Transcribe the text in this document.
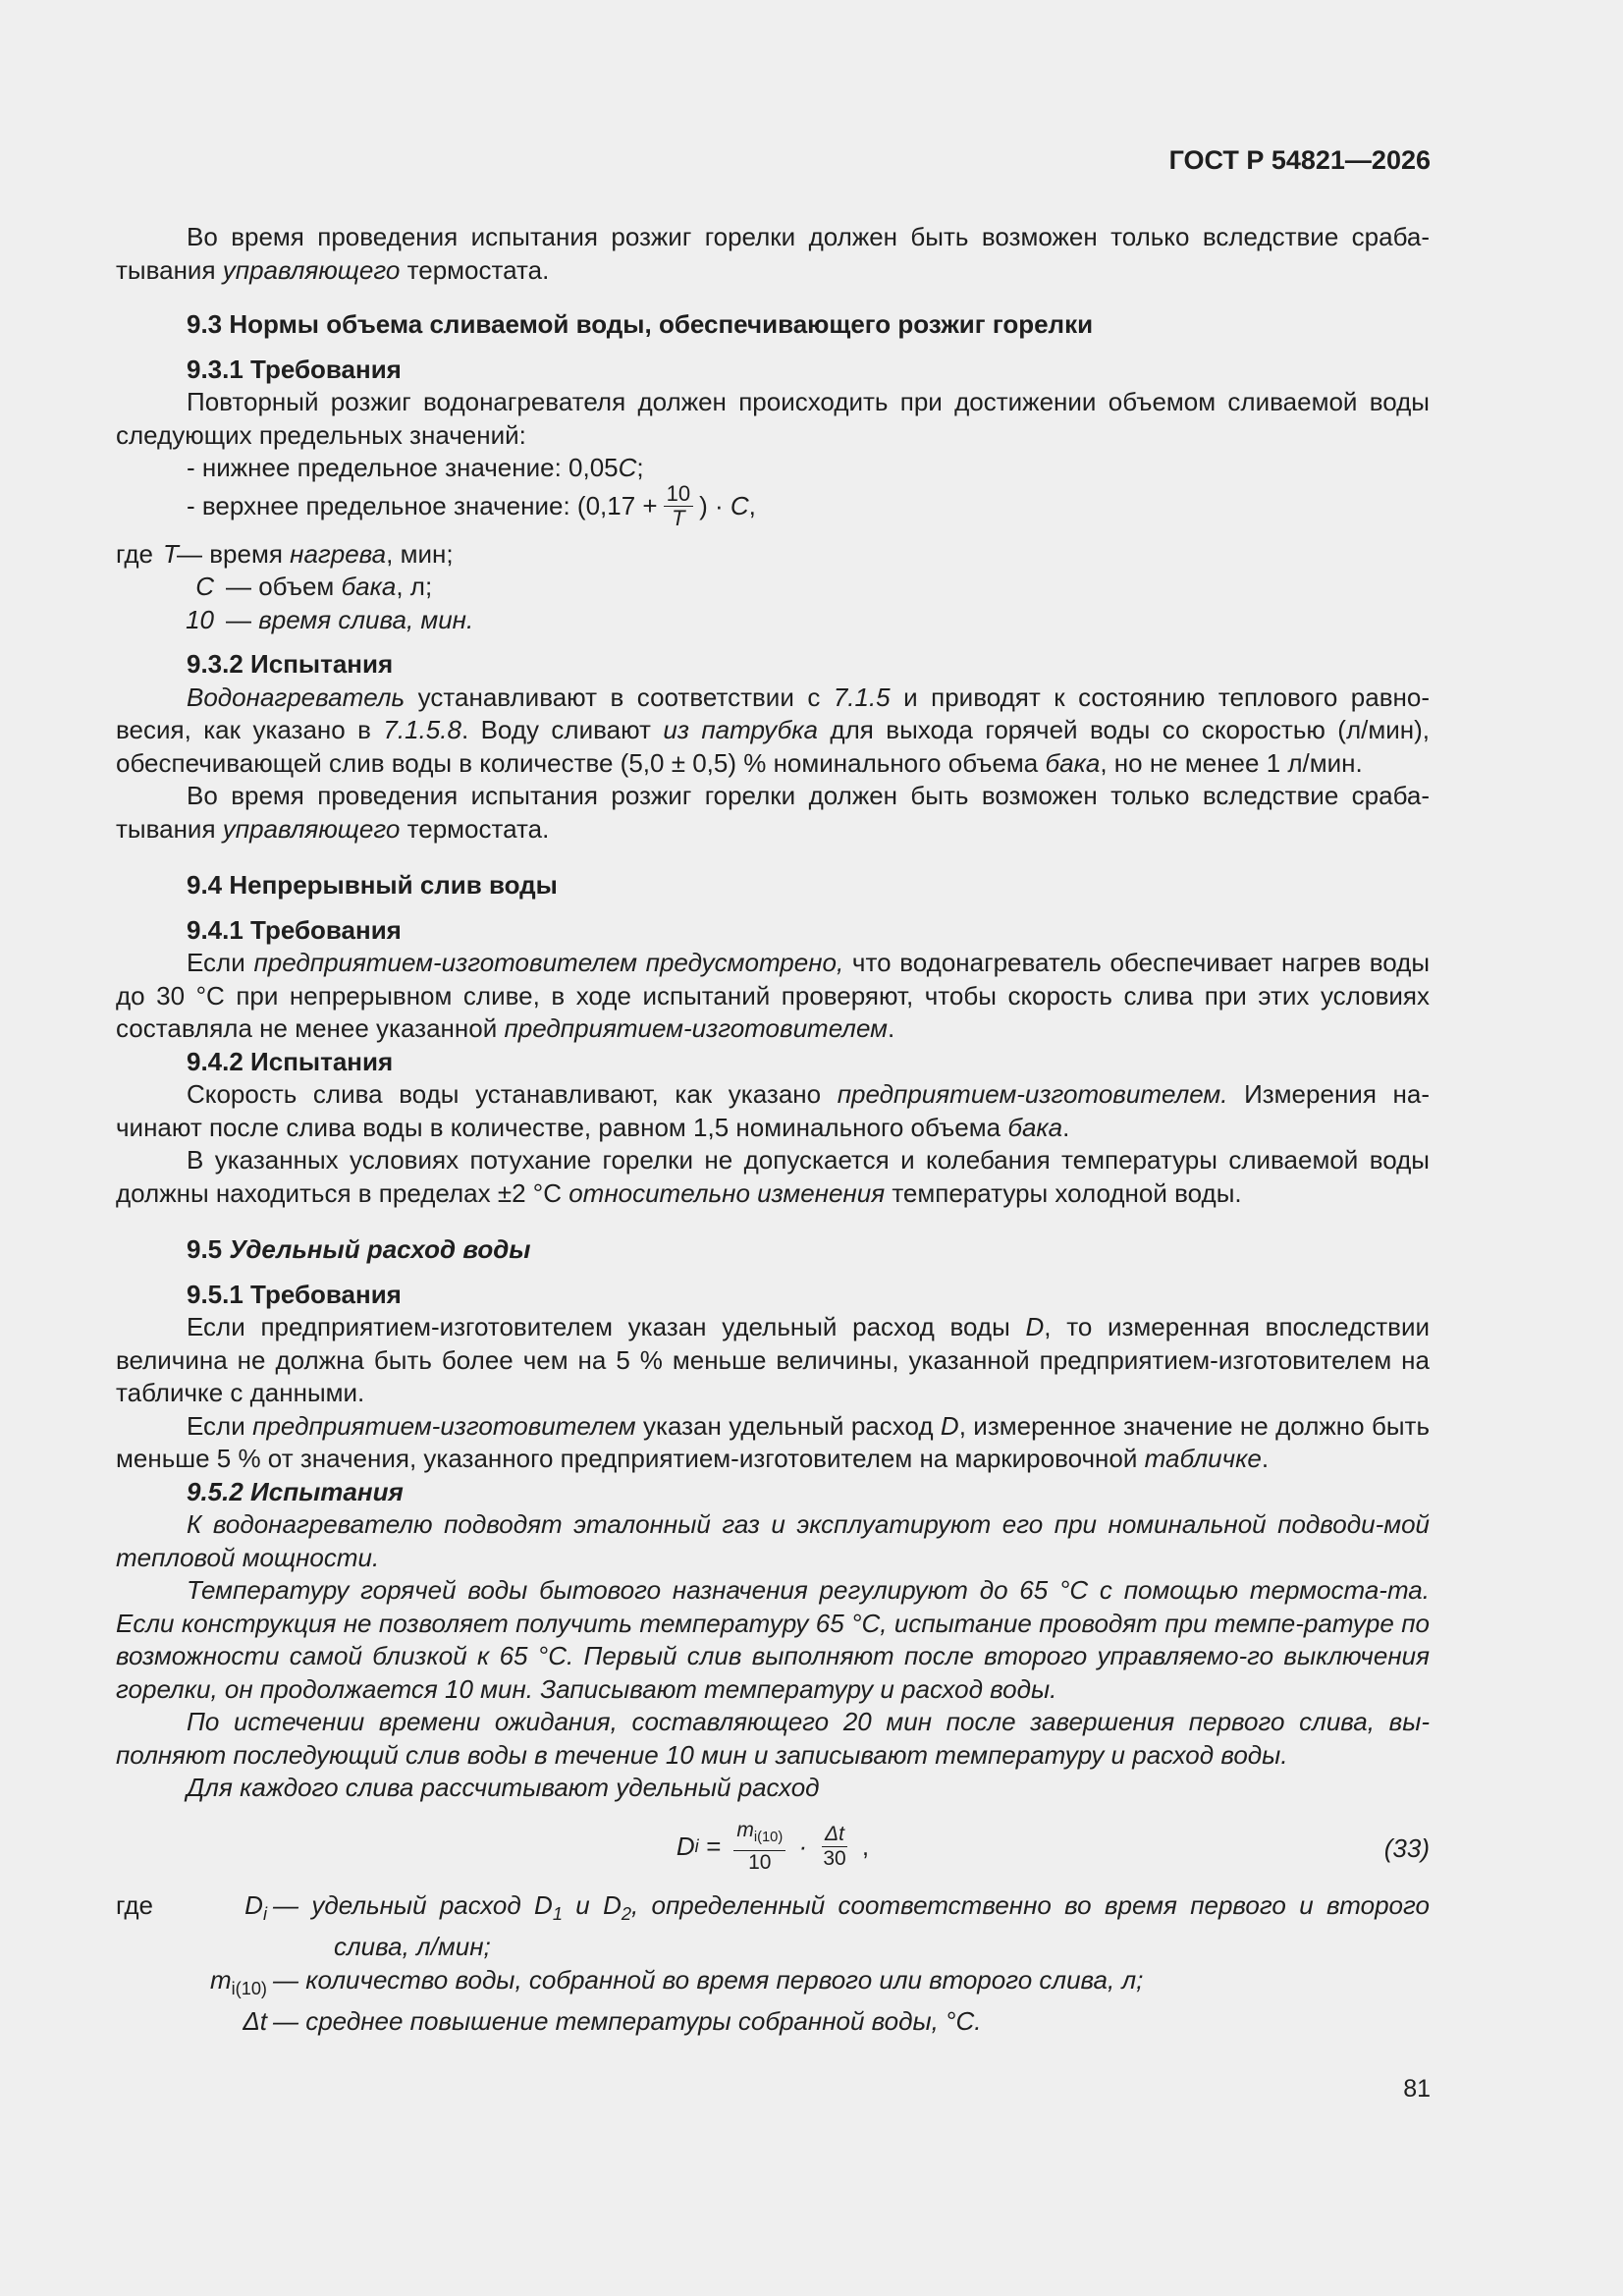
ГОСТ Р 54821—2026

Во время проведения испытания розжиг горелки должен быть возможен только вследствие сраба-тывания управляющего термостата.

9.3 Нормы объема сливаемой воды, обеспечивающего розжиг горелки
9.3.1 Требования

Повторный розжиг водонагревателя должен происходить при достижении объемом сливаемой воды следующих предельных значений:

- нижнее предельное значение: 0,05C;
- верхнее предельное значение:
($0,17 + \frac{10}{T}$ ) ·
C ,
где T
— время нагрева, мин;
C — объем бака, л;
10 — время слива, мин.
9.3.2 Испытания

Водонагреватель устанавливают в соответствии с 7.1.5 и приводят к состоянию теплового равно-весия, как указано в 7.1.5.8. Воду сливают из патрубка для выхода горячей воды со скоростью (л/мин), обеспечивающей слив воды в количестве (5,0 ± 0,5) % номинального объема бака, но не менее 1 л/мин.

Во время проведения испытания розжиг горелки должен быть возможен только вследствие сраба-тывания управляющего термостата.

9.4 Непрерывный слив воды
9.4.1 Требования

Если предприятием-изготовителем предусмотрено, что водонагреватель обеспечивает нагрев воды до 30 °С при непрерывном сливе, в ходе испытаний проверяют, чтобы скорость слива при этих условиях составляла не менее указанной предприятием-изготовителем.

9.4.2 Испытания

Скорость слива воды устанавливают, как указано предприятием-изготовителем. Измерения на-чинают после слива воды в количестве, равном 1,5 номинального объема бака.

В указанных условиях потухание горелки не допускается и колебания температуры сливаемой воды должны находиться в пределах ±2 °С относительно изменения температуры холодной воды.

9.5 Удельный расход воды
9.5.1 Требования

Если предприятием-изготовителем указан удельный расход воды D, то измеренная впоследствии величина не должна быть более чем на 5 % меньше величины, указанной предприятием-изготовителем на табличке с данными.

Если предприятием-изготовителем указан удельный расход D, измеренное значение не должно быть меньше 5 % от значения, указанного предприятием-изготовителем на маркировочной табличке.

9.5.2 Испытания

К водонагревателю подводят эталонный газ и эксплуатируют его при номинальной подводи-мой тепловой мощности.

Температуру горячей воды бытового назначения регулируют до 65 °С с помощью термоста-та. Если конструкция не позволяет получить температуру 65 °С, испытание проводят при темпе-ратуре по возможности самой близкой к 65 °С. Первый слив выполняют после второго управляемо-го выключения горелки, он продолжается 10 мин. Записывают температуру и расход воды.

По истечении времени ожидания, составляющего 20 мин после завершения первого слива, вы-полняют последующий слив воды в течение 10 мин и записывают температуру и расход воды.

Для каждого слива рассчитывают удельный расход

D $i = \frac{m_{i(10)}}{10} \cdot \frac{\Delta t}{30}$ ,	(33)
где	$D_i$ — удельный расход $D_1$ и $D_2$, определенный соответственно во время первого и второго слива, л/мин;
$m_{i(10)}$ — количество воды, собранной во время первого или второго слива, л;
Δt — среднее повышение температуры собранной воды, °С.
81
